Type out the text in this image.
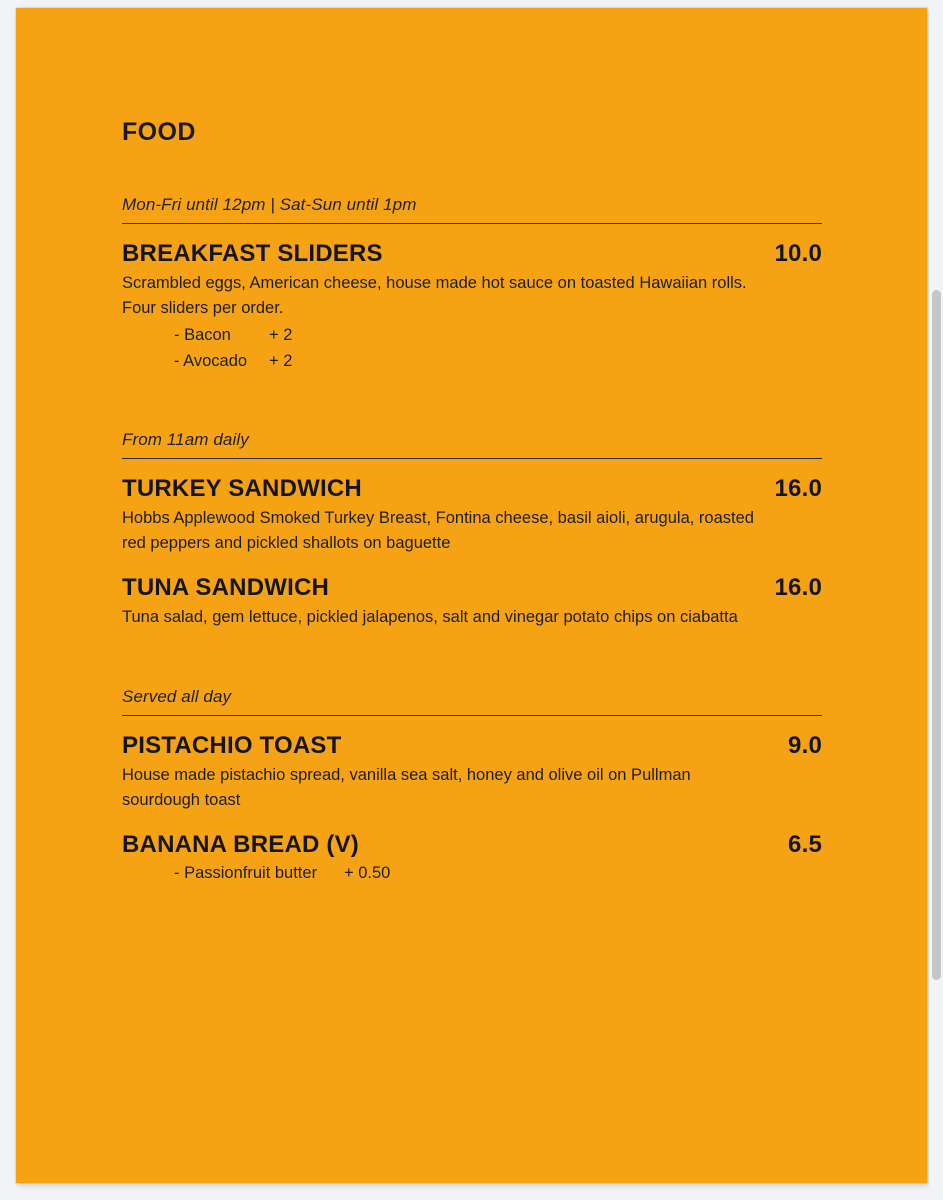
FOOD
Mon-Fri until 12pm | Sat-Sun until 1pm
BREAKFAST SLIDERS	10.0
Scrambled eggs, American cheese, house made hot sauce on toasted Hawaiian rolls. Four sliders per order.
- Bacon	+ 2
- Avocado	+ 2
From 11am daily
TURKEY SANDWICH	16.0
Hobbs Applewood Smoked Turkey Breast, Fontina cheese, basil aioli, arugula, roasted red peppers and pickled shallots on baguette
TUNA SANDWICH	16.0
Tuna salad, gem lettuce, pickled jalapenos, salt and vinegar potato chips on ciabatta
Served all day
PISTACHIO TOAST	9.0
House made pistachio spread, vanilla sea salt, honey and olive oil on Pullman sourdough toast
BANANA BREAD (V)	6.5
- Passionfruit butter	+ 0.50
